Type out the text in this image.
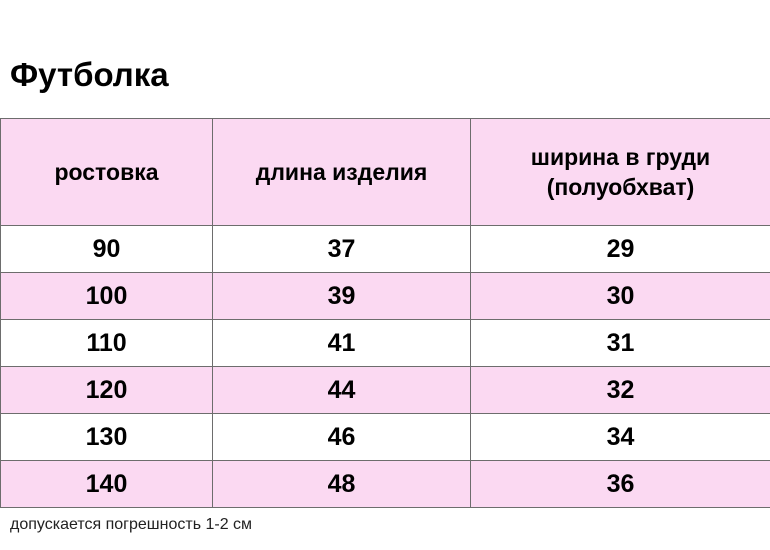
Футболка
ростовка	длина изделия	ширина в груди
(полуобхват)
90	37	29
100	39	30
110	41	31
120	44	32
130	46	34
140	48	36
допускается погрешность 1-2 см
